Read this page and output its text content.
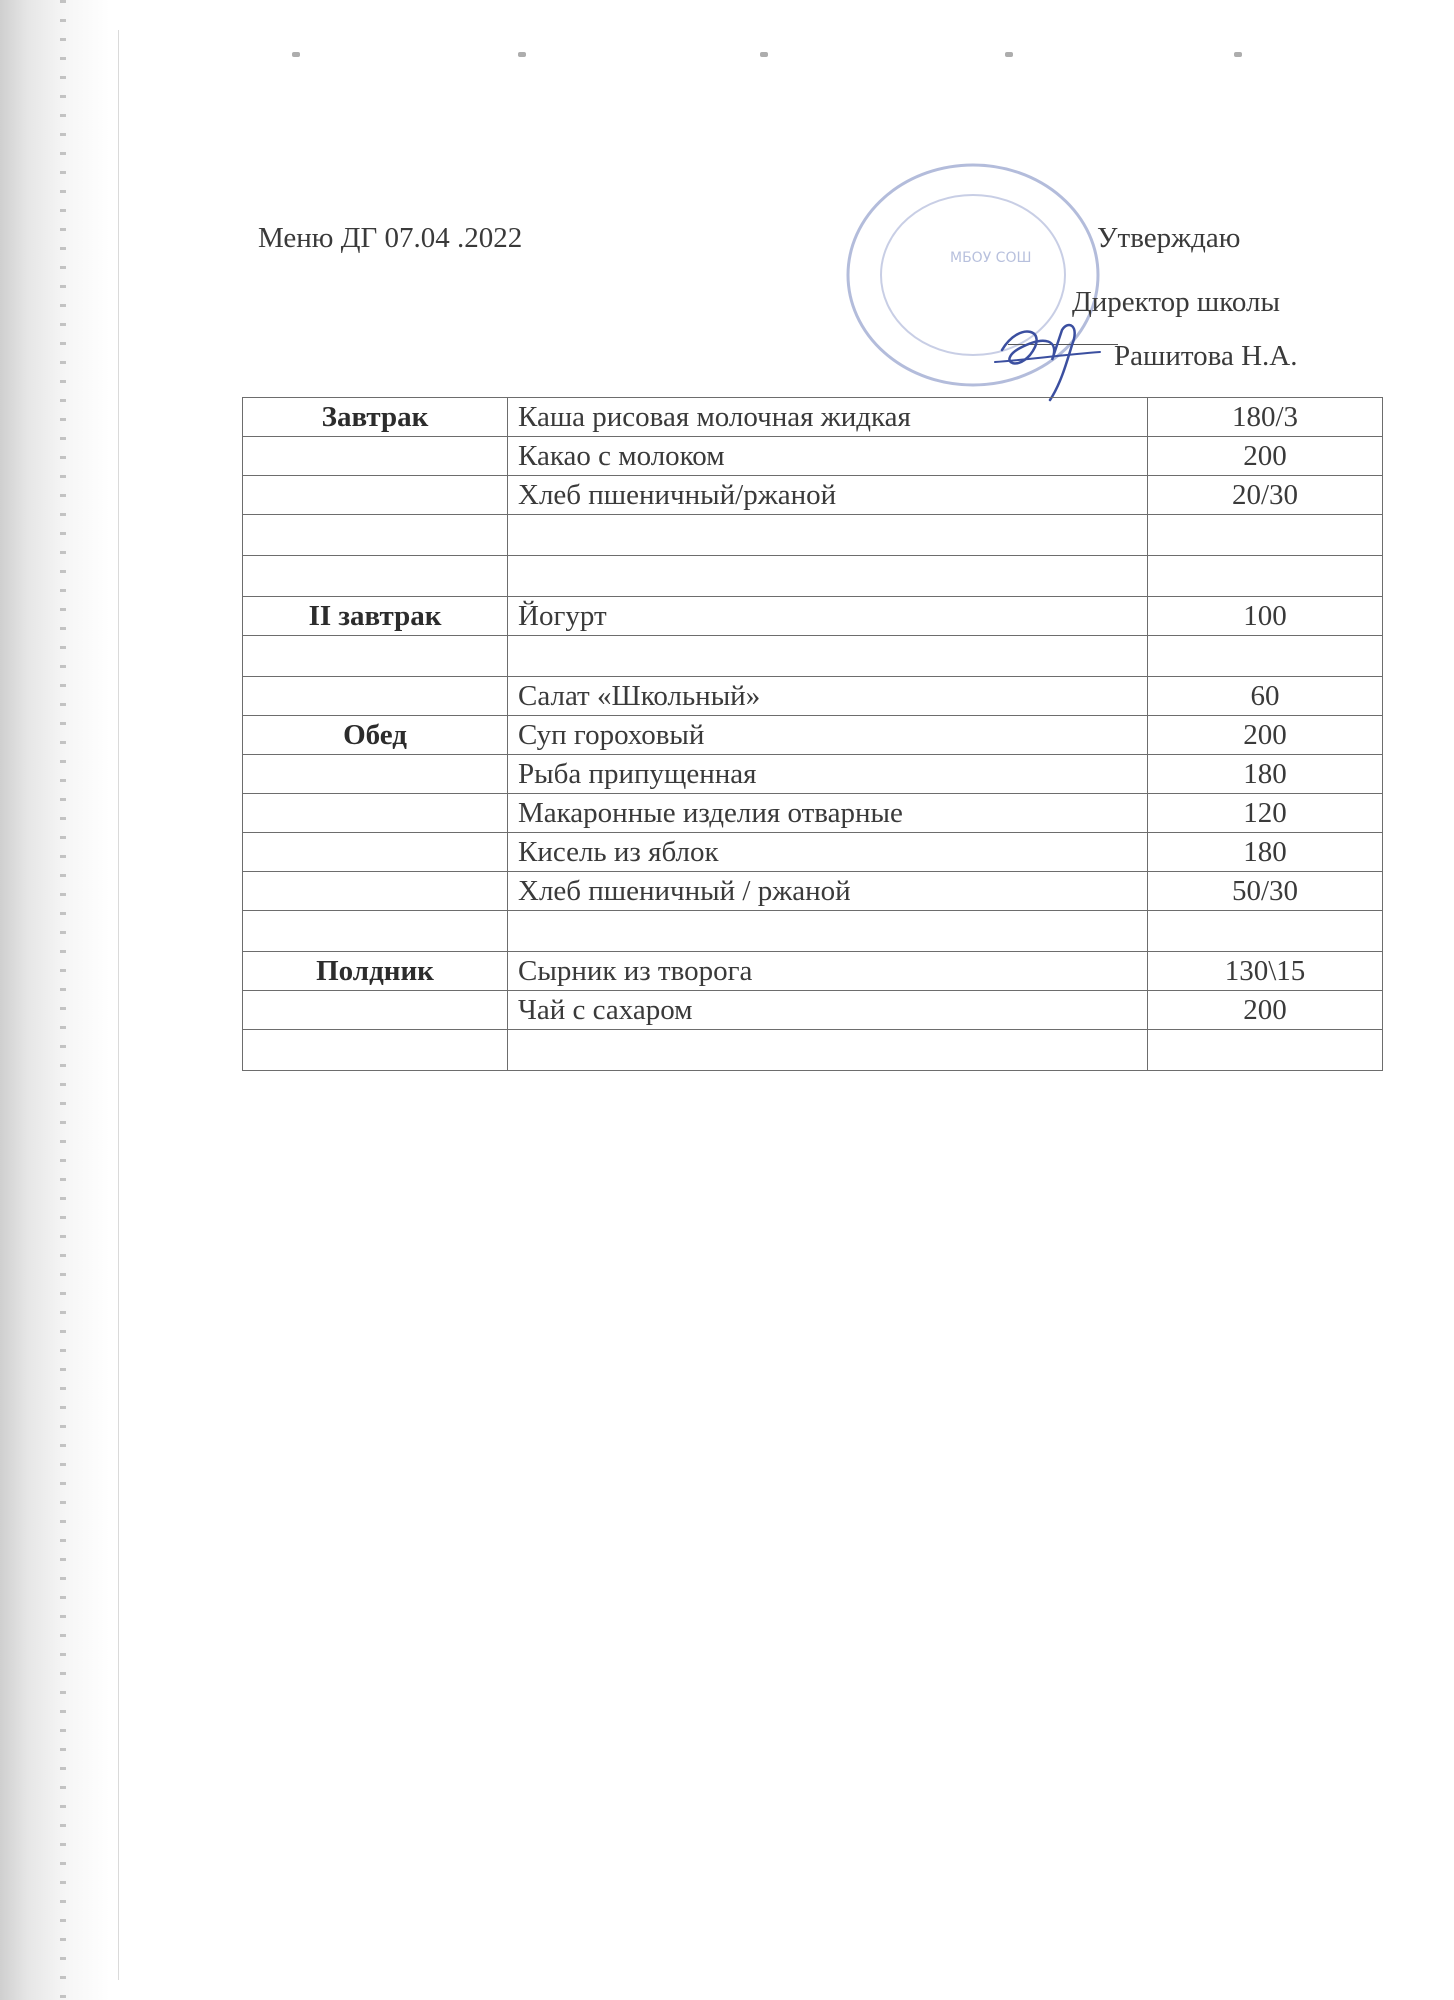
Меню ДГ 07.04 .2022
МБОУ СОШ
Утверждаю
Директор школы
Рашитова Н.А.
Завтрак	Каша рисовая молочная жидкая	180/3
	Какао с молоком	200
	Хлеб пшеничный/ржаной	20/30

II завтрак	Йогурт	100

	Салат «Школьный»	60
Обед	Суп гороховый	200
	Рыба припущенная	180
	Макаронные изделия отварные	120
	Кисель из яблок	180
	Хлеб пшеничный / ржаной	50/30

Полдник	Сырник из творога	130\15
	Чай с сахаром	200
